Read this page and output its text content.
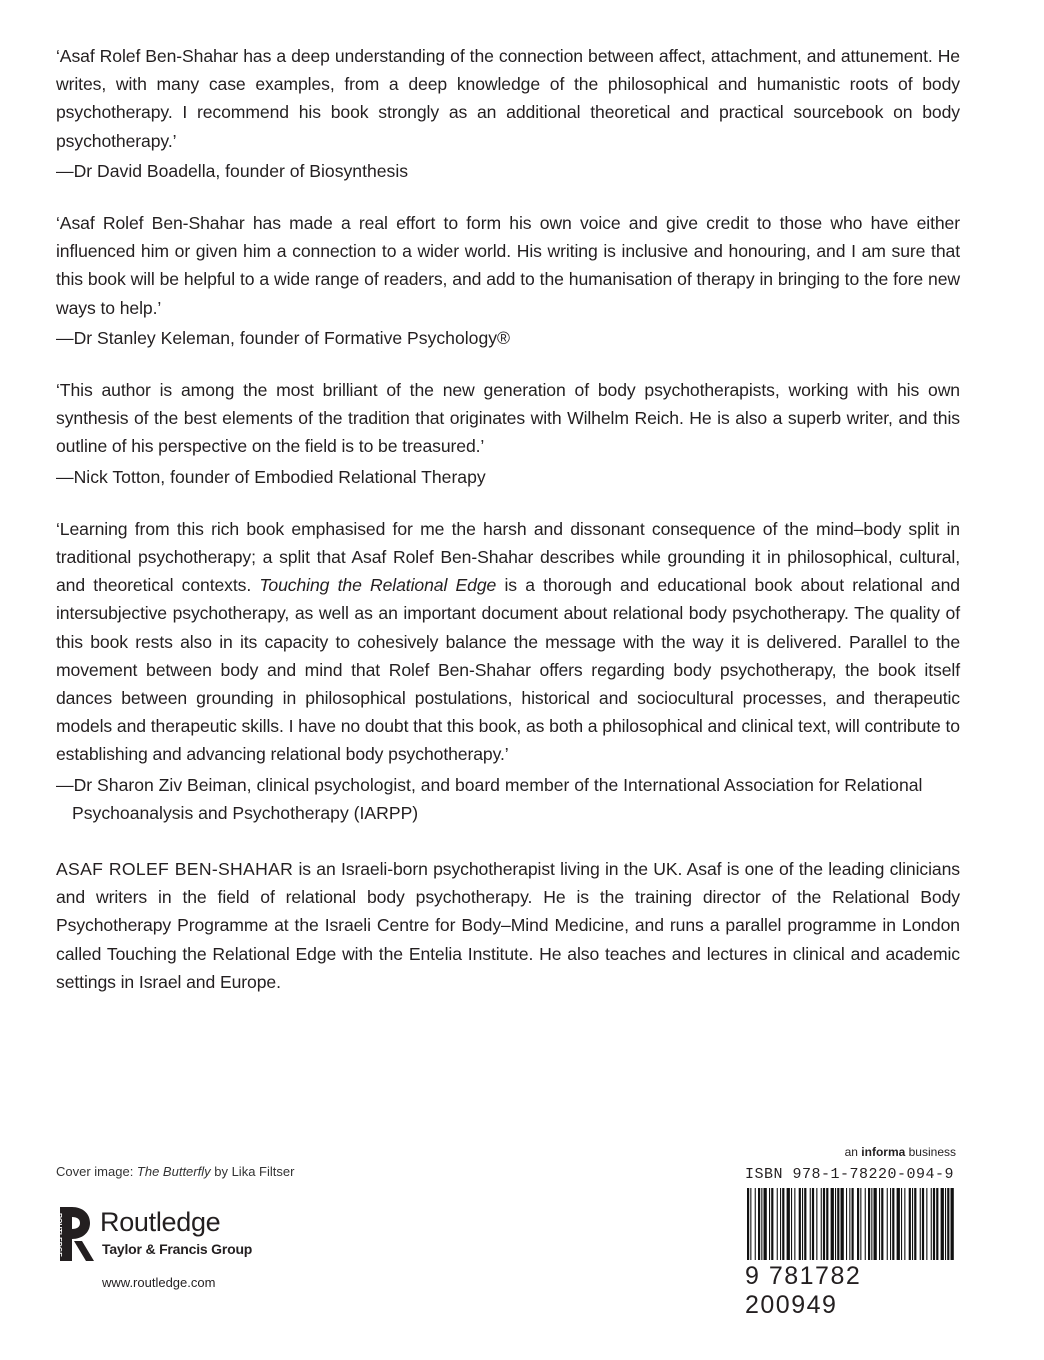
‘Asaf Rolef Ben-Shahar has a deep understanding of the connection between affect, attachment, and attunement. He writes, with many case examples, from a deep knowledge of the philosophical and humanistic roots of body psychotherapy. I recommend his book strongly as an additional theoretical and practical sourcebook on body psychotherapy.’

—Dr David Boadella, founder of Biosynthesis

‘Asaf Rolef Ben-Shahar has made a real effort to form his own voice and give credit to those who have either influenced him or given him a connection to a wider world. His writing is inclusive and honouring, and I am sure that this book will be helpful to a wide range of readers, and add to the humanisation of therapy in bringing to the fore new ways to help.’

—Dr Stanley Keleman, founder of Formative Psychology®

‘This author is among the most brilliant of the new generation of body psychotherapists, working with his own synthesis of the best elements of the tradition that originates with Wilhelm Reich. He is also a superb writer, and this outline of his perspective on the field is to be treasured.’

—Nick Totton, founder of Embodied Relational Therapy

‘Learning from this rich book emphasised for me the harsh and dissonant consequence of the mind–body split in traditional psychotherapy; a split that Asaf Rolef Ben-Shahar describes while grounding it in philosophical, cultural, and theoretical contexts. Touching the Relational Edge is a thorough and educational book about relational and intersubjective psychotherapy, as well as an important document about relational body psychotherapy. The quality of this book rests also in its capacity to cohesively balance the message with the way it is delivered. Parallel to the movement between body and mind that Rolef Ben-Shahar offers regarding body psychotherapy, the book itself dances between grounding in philosophical postulations, historical and sociocultural processes, and therapeutic models and therapeutic skills. I have no doubt that this book, as both a philosophical and clinical text, will contribute to establishing and advancing relational body psychotherapy.’

—Dr Sharon Ziv Beiman, clinical psychologist, and board member of the International Association for Relational Psychoanalysis and Psychotherapy (IARPP)

ASAF ROLEF BEN-SHAHAR is an Israeli-born psychotherapist living in the UK. Asaf is one of the leading clinicians and writers in the field of relational body psychotherapy. He is the training director of the Relational Body Psychotherapy Programme at the Israeli Centre for Body–Mind Medicine, and runs a parallel programme in London called Touching the Relational Edge with the Entelia Institute. He also teaches and lectures in clinical and academic settings in Israel and Europe.

Cover image: The Butterfly by Lika Filtser
ROUTLEDGE Routledge
Taylor & Francis Group
www.routledge.com
an informa business
ISBN 978-1-78220-094-9
9 781782 200949
